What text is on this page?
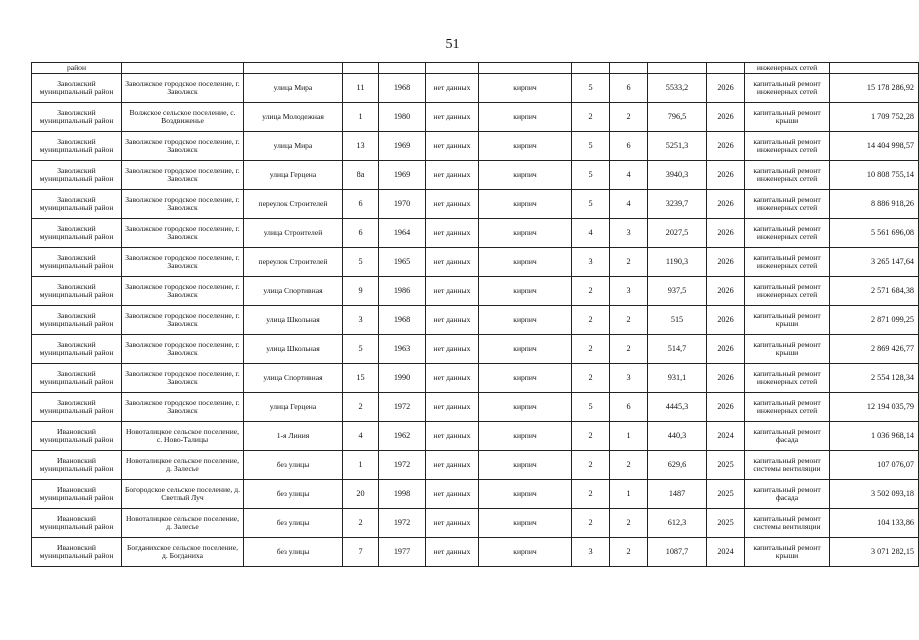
51
район											инженерных сетей	
Заволжский муниципальный район	Заволжское городское поселение, г. Заволжск	улица Мира	11	1968	нет данных	кирпич	5	6	5533,2	2026	капитальный ремонт инженерных сетей	15 178 286,92
Заволжский муниципальный район	Волжское сельское поселение, с. Воздвиженье	улица Молодежная	1	1980	нет данных	кирпич	2	2	796,5	2026	капитальный ремонт крыши	1 709 752,28
Заволжский муниципальный район	Заволжское городское поселение, г. Заволжск	улица Мира	13	1969	нет данных	кирпич	5	6	5251,3	2026	капитальный ремонт инженерных сетей	14 404 998,57
Заволжский муниципальный район	Заволжское городское поселение, г. Заволжск	улица Герцена	8а	1969	нет данных	кирпич	5	4	3940,3	2026	капитальный ремонт инженерных сетей	10 808 755,14
Заволжский муниципальный район	Заволжское городское поселение, г. Заволжск	переулок Строителей	6	1970	нет данных	кирпич	5	4	3239,7	2026	капитальный ремонт инженерных сетей	8 886 918,26
Заволжский муниципальный район	Заволжское городское поселение, г. Заволжск	улица Строителей	6	1964	нет данных	кирпич	4	3	2027,5	2026	капитальный ремонт инженерных сетей	5 561 696,08
Заволжский муниципальный район	Заволжское городское поселение, г. Заволжск	переулок Строителей	5	1965	нет данных	кирпич	3	2	1190,3	2026	капитальный ремонт инженерных сетей	3 265 147,64
Заволжский муниципальный район	Заволжское городское поселение, г. Заволжск	улица Спортивная	9	1986	нет данных	кирпич	2	3	937,5	2026	капитальный ремонт инженерных сетей	2 571 684,38
Заволжский муниципальный район	Заволжское городское поселение, г. Заволжск	улица Школьная	3	1968	нет данных	кирпич	2	2	515	2026	капитальный ремонт крыши	2 871 099,25
Заволжский муниципальный район	Заволжское городское поселение, г. Заволжск	улица Школьная	5	1963	нет данных	кирпич	2	2	514,7	2026	капитальный ремонт крыши	2 869 426,77
Заволжский муниципальный район	Заволжское городское поселение, г. Заволжск	улица Спортивная	15	1990	нет данных	кирпич	2	3	931,1	2026	капитальный ремонт инженерных сетей	2 554 128,34
Заволжский муниципальный район	Заволжское городское поселение, г. Заволжск	улица Герцена	2	1972	нет данных	кирпич	5	6	4445,3	2026	капитальный ремонт инженерных сетей	12 194 035,79
Ивановский муниципальный район	Новоталицкое сельское поселение, с. Ново-Талицы	1-я Линия	4	1962	нет данных	кирпич	2	1	440,3	2024	капитальный ремонт фасада	1 036 968,14
Ивановский муниципальный район	Новоталицкое сельское поселение, д. Залесье	без улицы	1	1972	нет данных	кирпич	2	2	629,6	2025	капитальный ремонт системы вентиляции	107 076,07
Ивановский муниципальный район	Богородское сельское поселение, д. Светлый Луч	без улицы	20	1998	нет данных	кирпич	2	1	1487	2025	капитальный ремонт фасада	3 502 093,18
Ивановский муниципальный район	Новоталицкое сельское поселение, д. Залесье	без улицы	2	1972	нет данных	кирпич	2	2	612,3	2025	капитальный ремонт системы вентиляции	104 133,86
Ивановский муниципальный район	Богданихское сельское поселение, д. Богданиха	без улицы	7	1977	нет данных	кирпич	3	2	1087,7	2024	капитальный ремонт крыши	3 071 282,15
